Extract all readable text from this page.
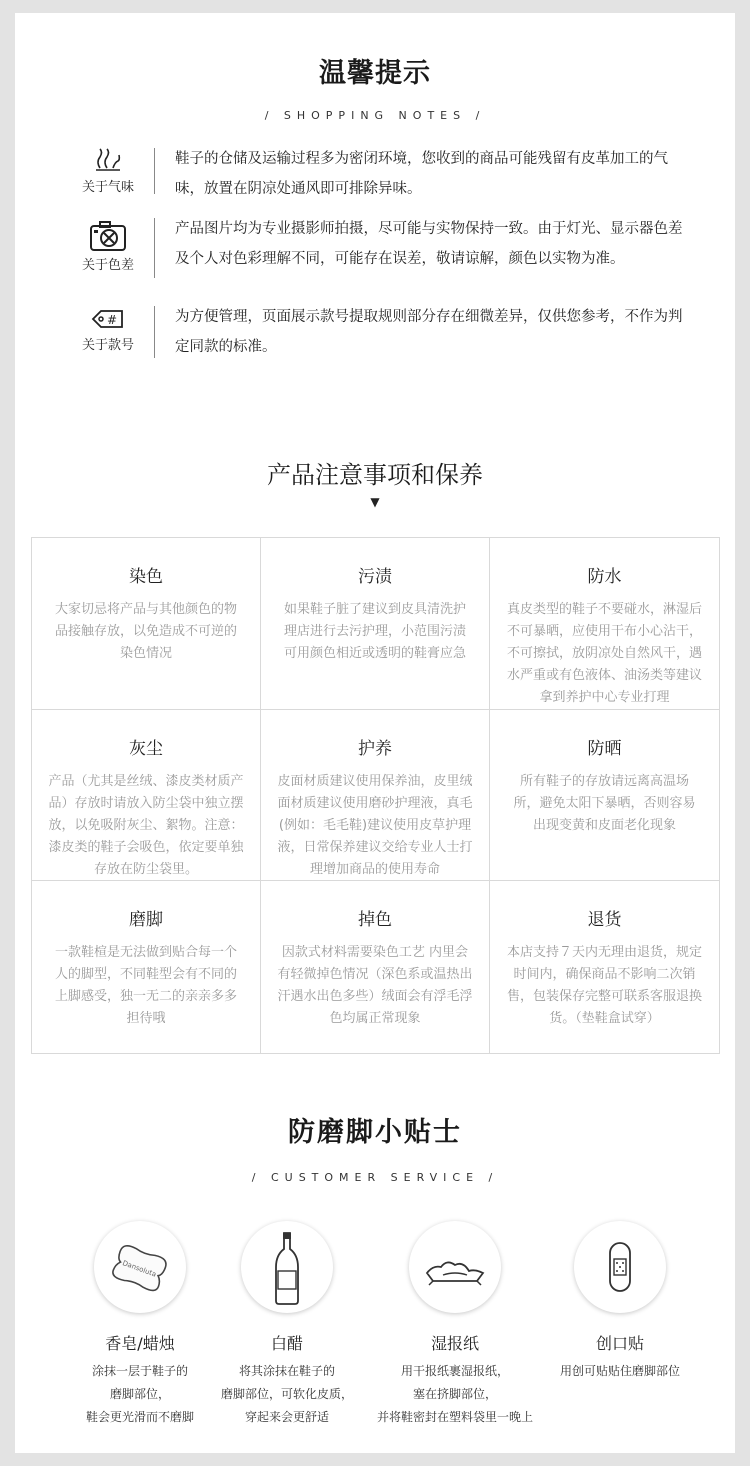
温馨提示
/ SHOPPING NOTES /
关于气味
鞋子的仓储及运输过程多为密闭环境，您收到的商品可能残留有皮革加工的气味，放置在阴凉处通风即可排除异味。
关于色差
产品图片均为专业摄影师拍摄，尽可能与实物保持一致。由于灯光、显示器色差及个人对色彩理解不同，可能存在误差，敬请谅解，颜色以实物为准。
#
关于款号
为方便管理，页面展示款号提取规则部分存在细微差异，仅供您参考，不作为判定同款的标准。
产品注意事项和保养
▼
染色
大家切忌将产品与其他颜色的物品接触存放，以免造成不可逆的染色情况
污渍
如果鞋子脏了建议到皮具清洗护理店进行去污护理，小范围污渍可用颜色相近或透明的鞋膏应急
防水
真皮类型的鞋子不要碰水，淋湿后不可暴晒，应使用干布小心沾干，不可擦拭，放阴凉处自然风干，遇水严重或有色液体、油汤类等建议拿到养护中心专业打理
灰尘
产品（尤其是丝绒、漆皮类材质产品）存放时请放入防尘袋中独立摆放，以免吸附灰尘、絮物。注意：漆皮类的鞋子会吸色，依定要单独存放在防尘袋里。
护养
皮面材质建议使用保养油，皮里绒面材质建议使用磨砂护理液，真毛(例如：毛毛鞋)建议使用皮草护理液，日常保养建议交给专业人士打理增加商品的使用寿命
防晒
所有鞋子的存放请远离高温场所，避免太阳下暴晒，否则容易出现变黄和皮面老化现象
磨脚
一款鞋楦是无法做到贴合每一个人的脚型，不同鞋型会有不同的上脚感受，独一无二的亲亲多多担待哦
掉色
因款式材料需要染色工艺 内里会有轻微掉色情况（深色系或温热出汗遇水出色多些）绒面会有浮毛浮色均属正常现象
退货
本店支持７天内无理由退货，规定时间内，确保商品不影响二次销售，包装保存完整可联系客服退换货。（垫鞋盒试穿）
防磨脚小贴士
/ CUSTOMER SERVICE /
Dansoluta
香皂/蜡烛
涂抹一层于鞋子的
磨脚部位，
鞋会更光滑而不磨脚
白醋
将其涂抹在鞋子的
磨脚部位，可软化皮质，
穿起来会更舒适
湿报纸
用干报纸裹湿报纸，
塞在挤脚部位，
并将鞋密封在塑料袋里一晚上
创口贴
用创可贴贴住磨脚部位
